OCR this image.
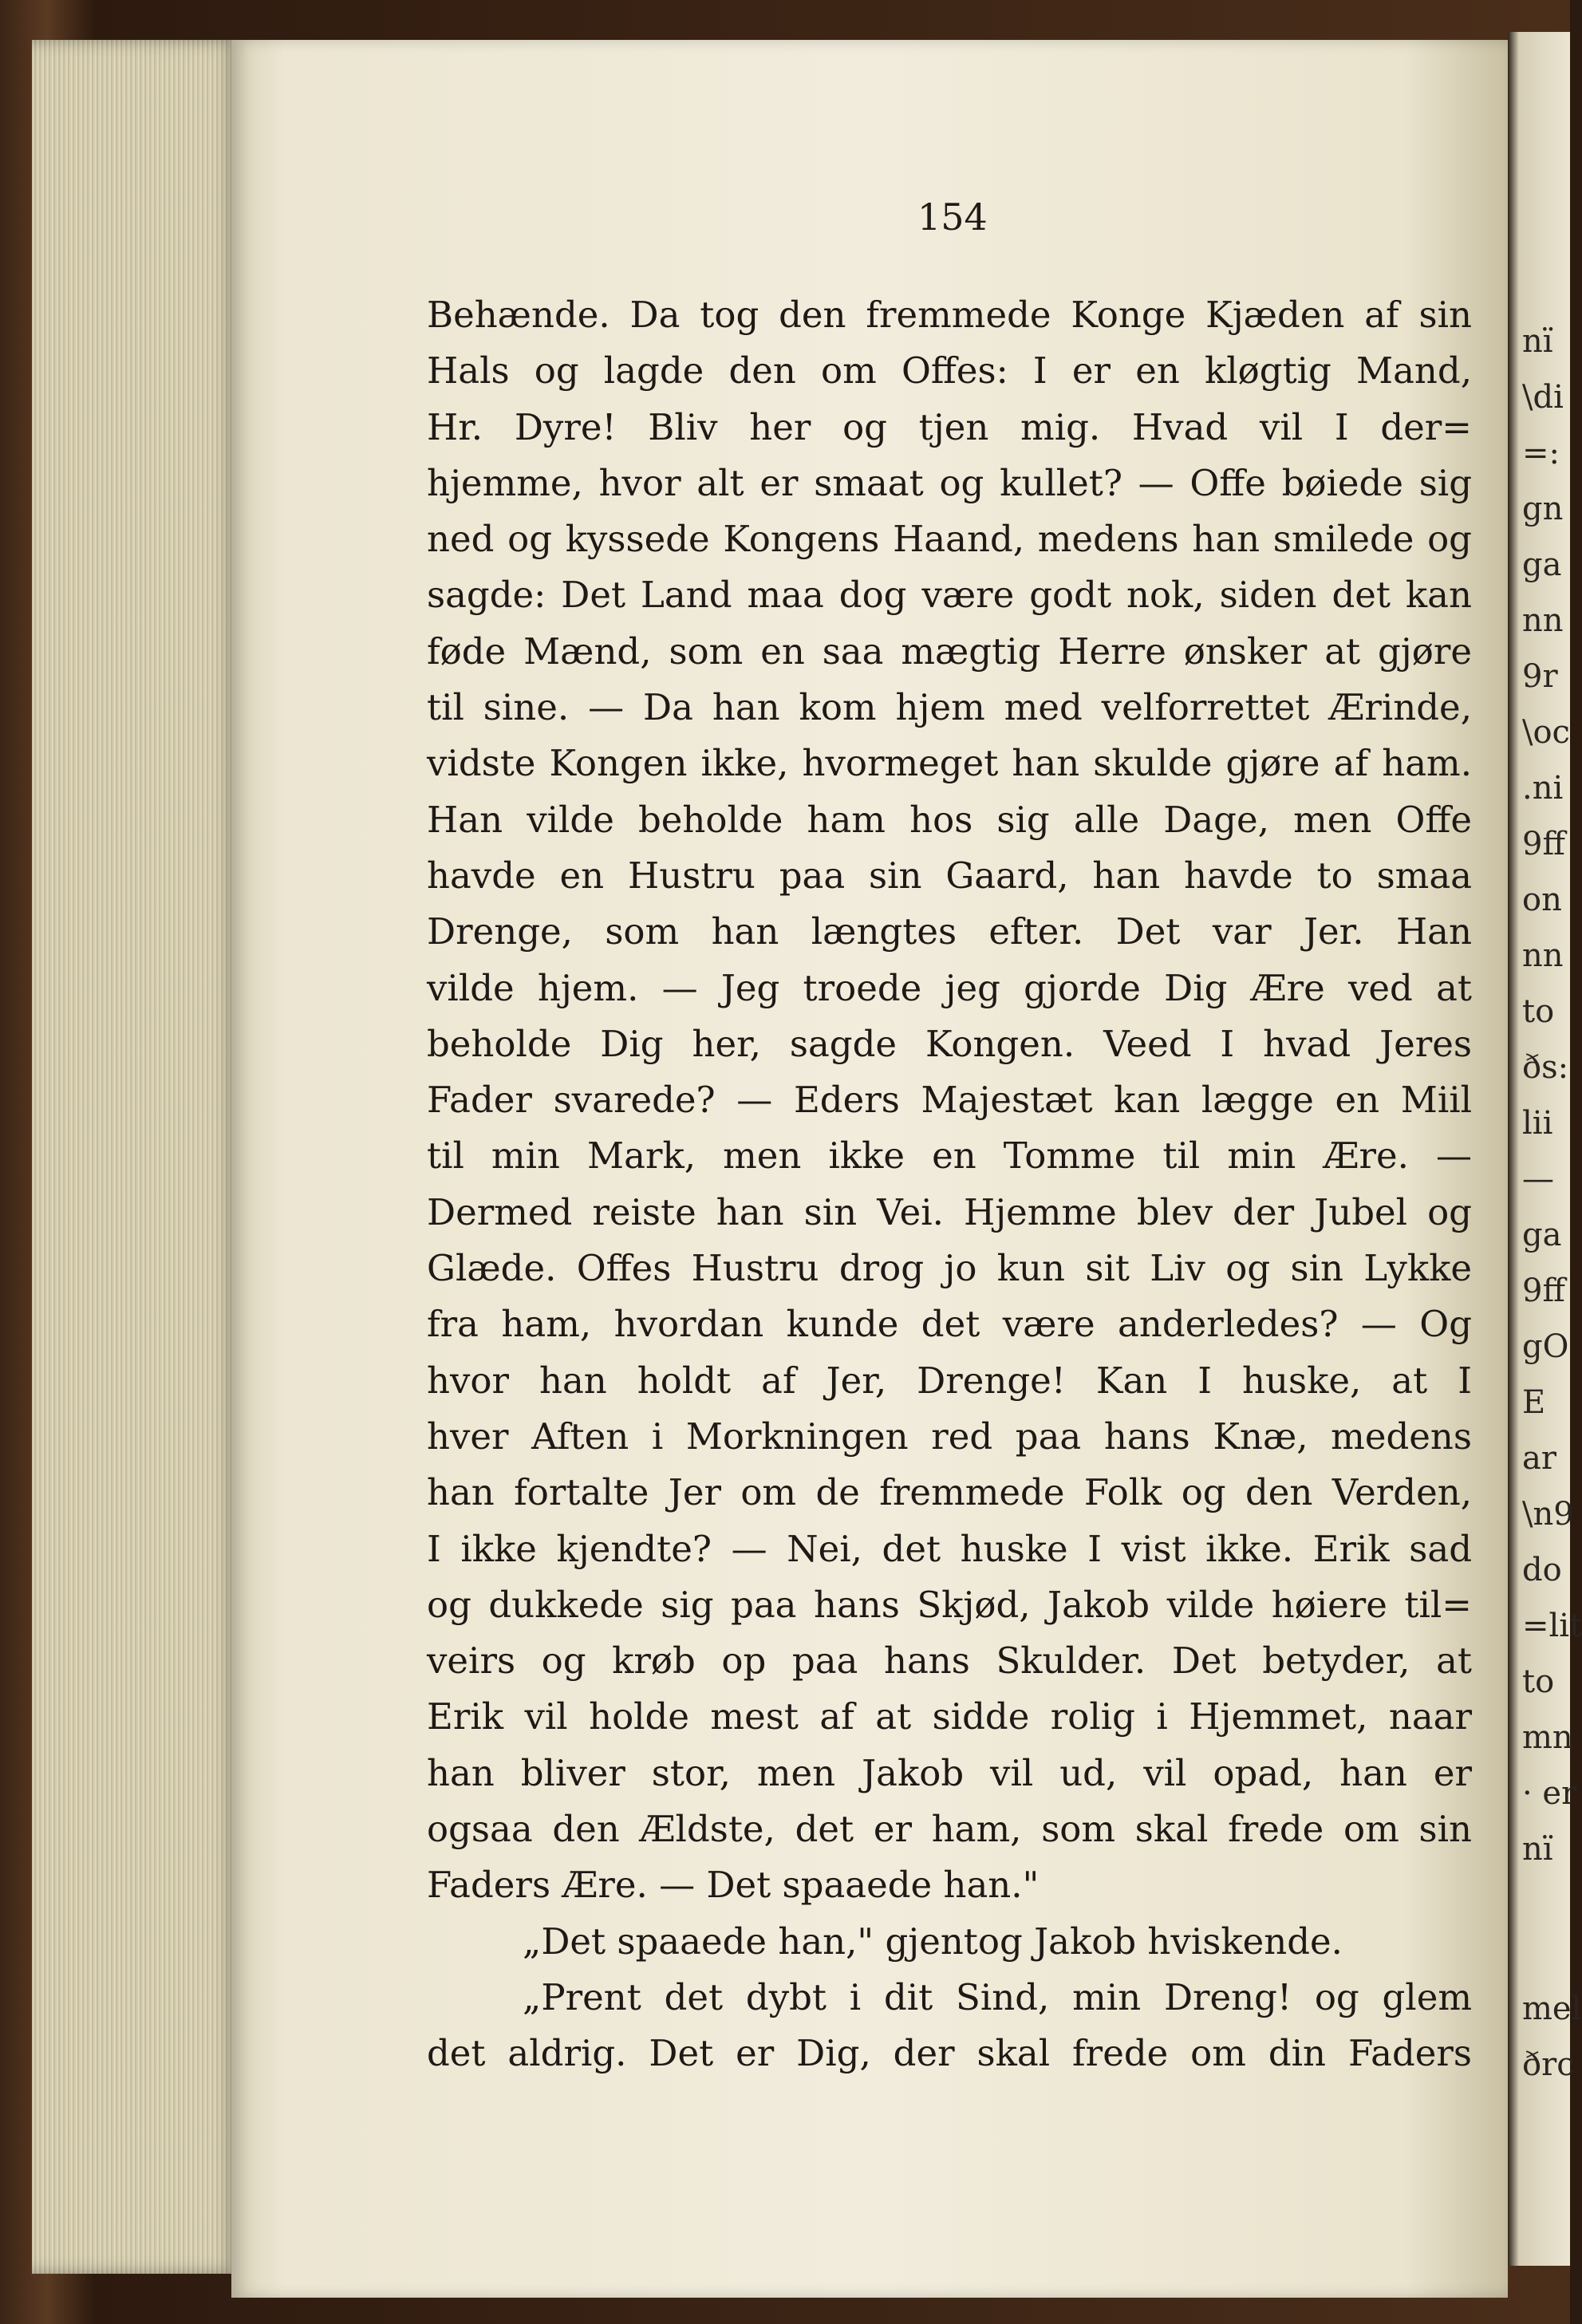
154
Behænde. Da tog den fremmede Konge Kjæden af sin
Hals og lagde den om Offes: I er en kløgtig Mand,
Hr. Dyre! Bliv her og tjen mig. Hvad vil I der=
hjemme, hvor alt er smaat og kullet? — Offe bøiede sig
ned og kyssede Kongens Haand, medens han smilede og
sagde: Det Land maa dog være godt nok, siden det kan
føde Mænd, som en saa mægtig Herre ønsker at gjøre
til sine. — Da han kom hjem med velforrettet Ærinde,
vidste Kongen ikke, hvormeget han skulde gjøre af ham.
Han vilde beholde ham hos sig alle Dage, men Offe
havde en Hustru paa sin Gaard, han havde to smaa
Drenge, som han længtes efter. Det var Jer. Han
vilde hjem. — Jeg troede jeg gjorde Dig Ære ved at
beholde Dig her, sagde Kongen. Veed I hvad Jeres
Fader svarede? — Eders Majestæt kan lægge en Miil
til min Mark, men ikke en Tomme til min Ære. —
Dermed reiste han sin Vei. Hjemme blev der Jubel og
Glæde. Offes Hustru drog jo kun sit Liv og sin Lykke
fra ham, hvordan kunde det være anderledes? — Og
hvor han holdt af Jer, Drenge! Kan I huske, at I
hver Aften i Morkningen red paa hans Knæ, medens
han fortalte Jer om de fremmede Folk og den Verden,
I ikke kjendte? — Nei, det huske I vist ikke. Erik sad
og dukkede sig paa hans Skjød, Jakob vilde høiere til=
veirs og krøb op paa hans Skulder. Det betyder, at
Erik vil holde mest af at sidde rolig i Hjemmet, naar
han bliver stor, men Jakob vil ud, vil opad, han er
ogsaa den Ældste, det er ham, som skal frede om sin
Faders Ære. — Det spaaede han."
„Det spaaede han," gjentog Jakob hviskende.
„Prent det dybt i dit Sind, min Dreng! og glem
det aldrig. Det er Dig, der skal frede om din Faders
nï
\di
=:
gn
ga
nn
9r
\oc
.ni
9ff
on
nn
to
ðs:
lii
—
ga
9ff
gO
E
ar
\n9
do
=lit
to
mn
· er
nï
mel
ðrc
